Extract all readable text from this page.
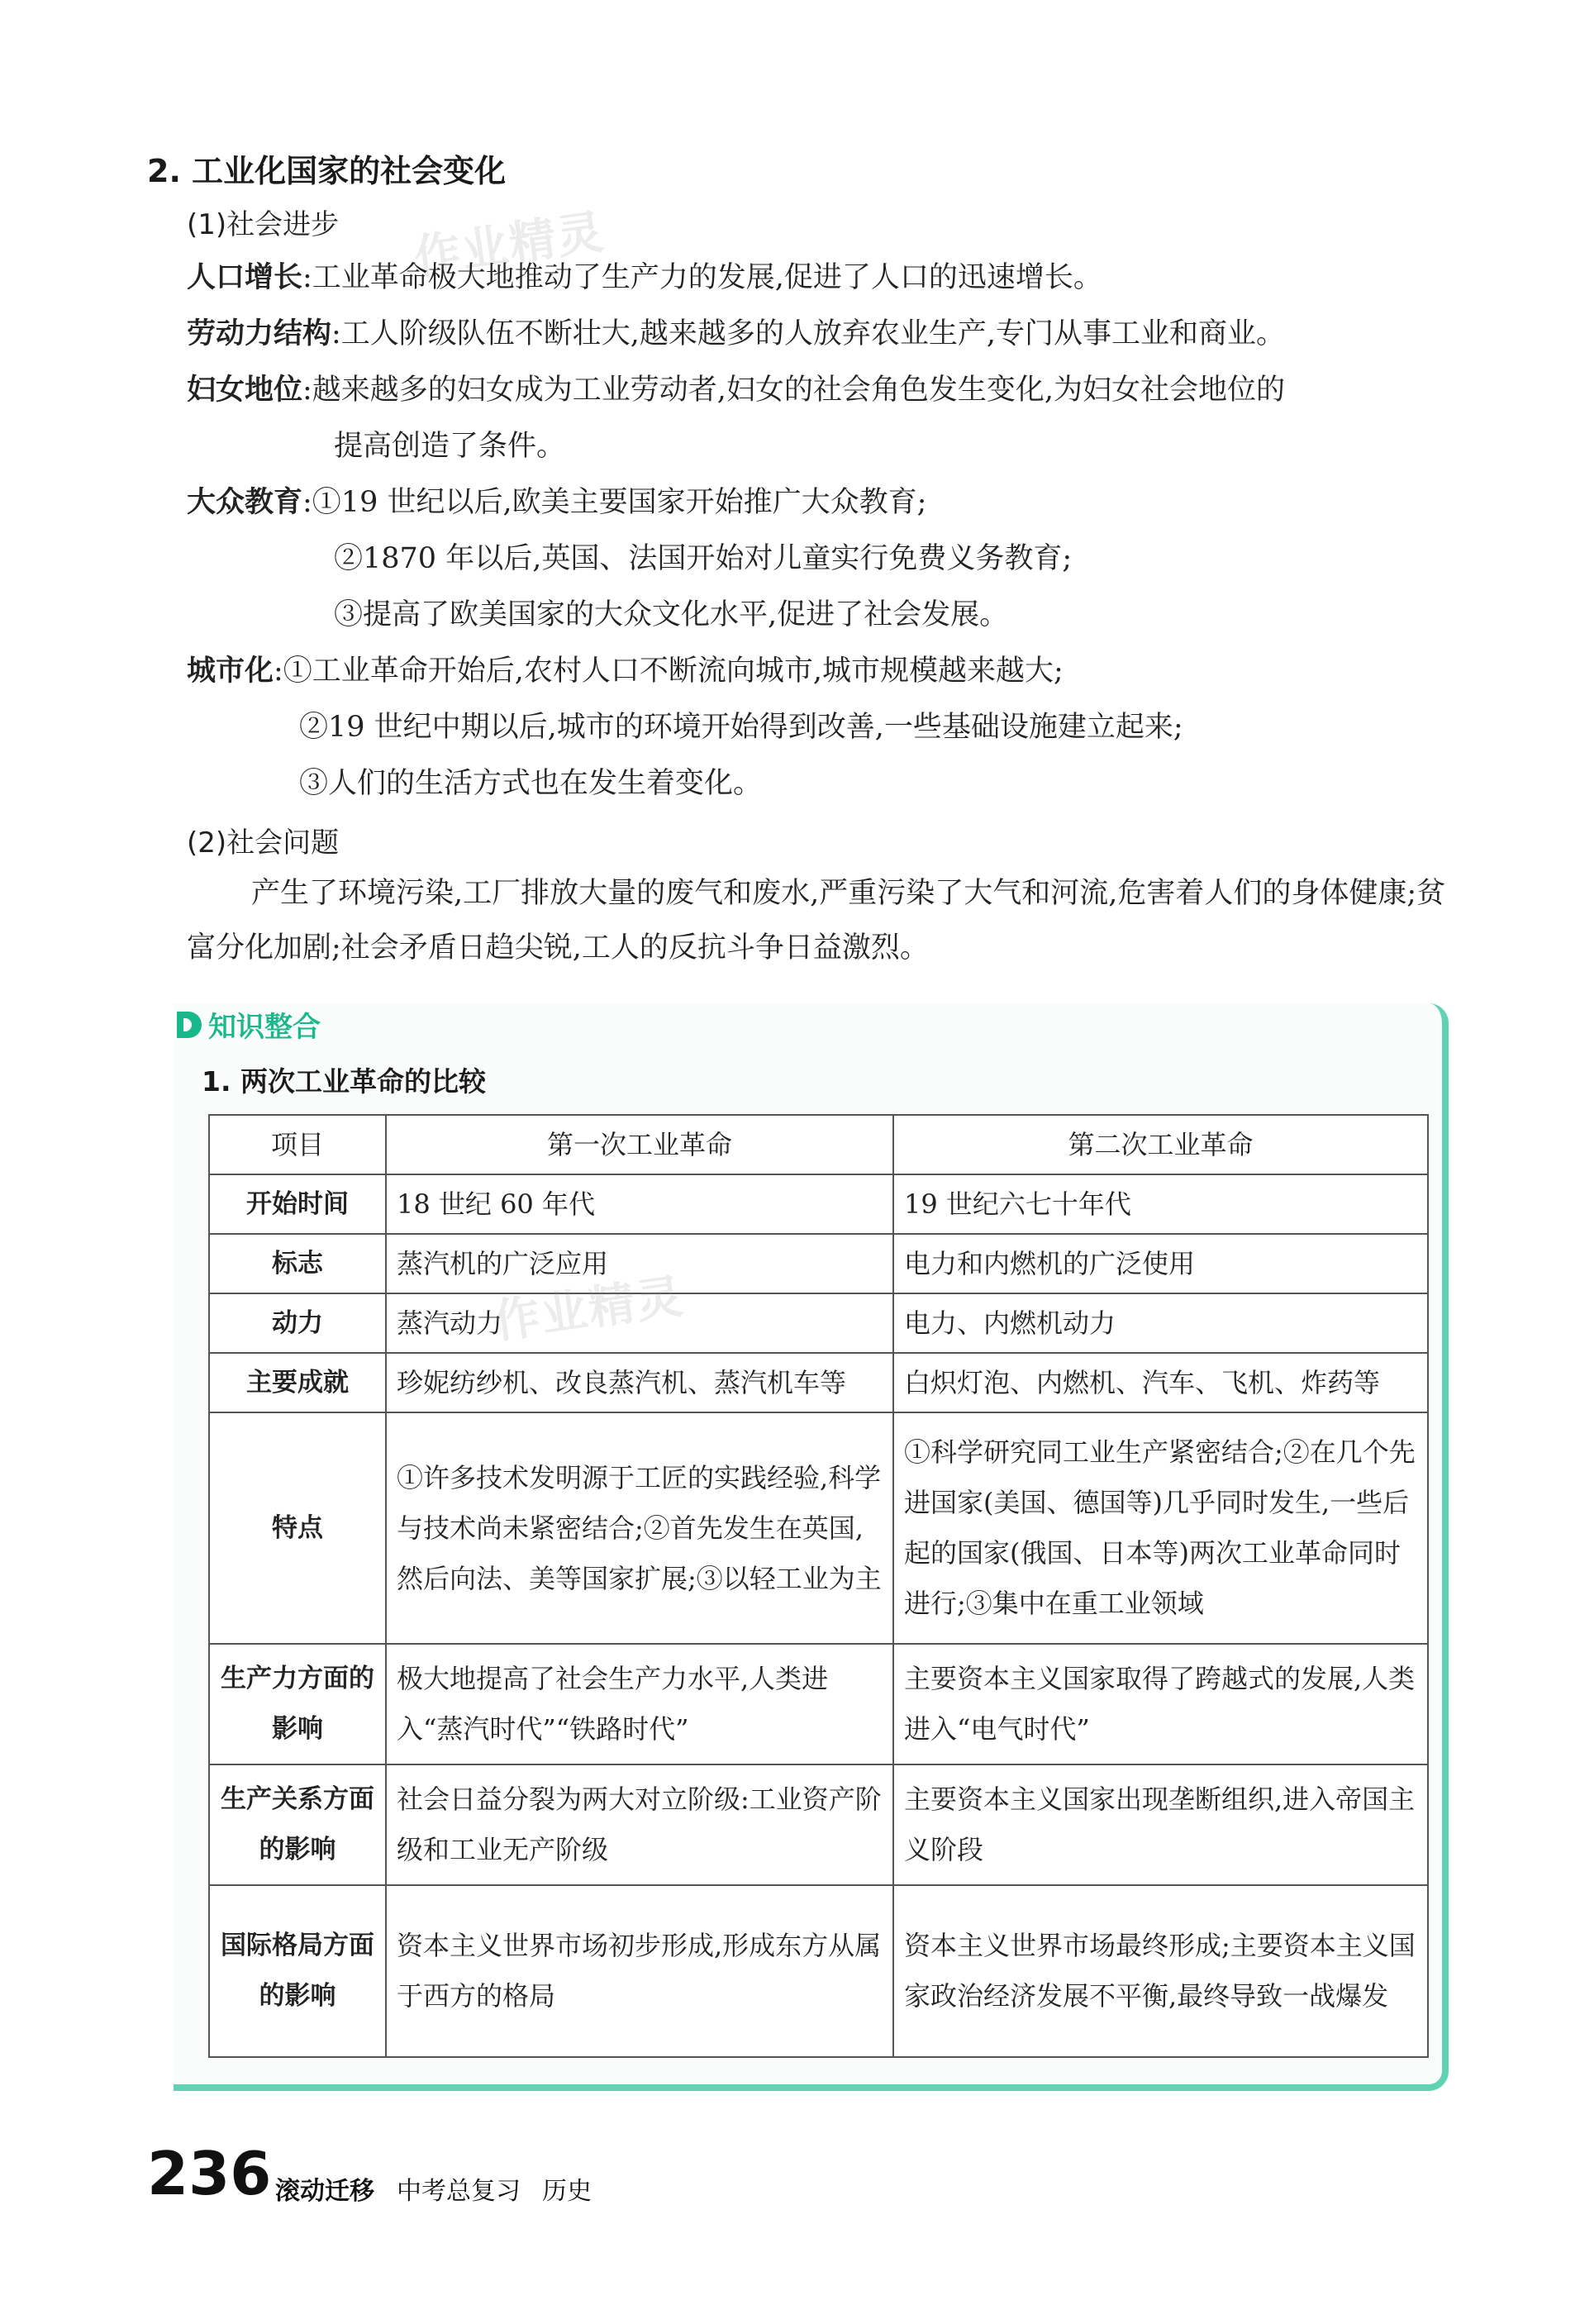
2. 工业化国家的社会变化
(1)社会进步 作业精灵
人口增长:工业革命极大地推动了生产力的发展,促进了人口的迅速增长。
劳动力结构:工人阶级队伍不断壮大,越来越多的人放弃农业生产,专门从事工业和商业。
妇女地位:越来越多的妇女成为工业劳动者,妇女的社会角色发生变化,为妇女社会地位的
提高创造了条件。
大众教育:①19 世纪以后,欧美主要国家开始推广大众教育;
②1870 年以后,英国、法国开始对儿童实行免费义务教育;
③提高了欧美国家的大众文化水平,促进了社会发展。
城市化:①工业革命开始后,农村人口不断流向城市,城市规模越来越大;
②19 世纪中期以后,城市的环境开始得到改善,一些基础设施建立起来;
③人们的生活方式也在发生着变化。
(2)社会问题
产生了环境污染,工厂排放大量的废气和废水,严重污染了大气和河流,危害着人们的身体健康;贫富分化加剧;社会矛盾日趋尖锐,工人的反抗斗争日益激烈。
知识整合
1. 两次工业革命的比较
项目	第一次工业革命	第二次工业革命
开始时间	18 世纪 60 年代	19 世纪六七十年代
标志	蒸汽机的广泛应用	电力和内燃机的广泛使用
动力	蒸汽动力	电力、内燃机动力
主要成就	珍妮纺纱机、改良蒸汽机、蒸汽机车等	白炽灯泡、内燃机、汽车、飞机、炸药等
特点	①许多技术发明源于工匠的实践经验,科学与技术尚未紧密结合;②首先发生在英国,然后向法、美等国家扩展;③以轻工业为主	①科学研究同工业生产紧密结合;②在几个先进国家(美国、德国等)几乎同时发生,一些后起的国家(俄国、日本等)两次工业革命同时进行;③集中在重工业领域
生产力方面的影响	极大地提高了社会生产力水平,人类进入“蒸汽时代”“铁路时代”	主要资本主义国家取得了跨越式的发展,人类进入“电气时代”
生产关系方面的影响	社会日益分裂为两大对立阶级:工业资产阶级和工业无产阶级	主要资本主义国家出现垄断组织,进入帝国主义阶段
国际格局方面的影响	资本主义世界市场初步形成,形成东方从属于西方的格局	资本主义世界市场最终形成;主要资本主义国家政治经济发展不平衡,最终导致一战爆发
236 滚动迁移 中考总复习 历史
